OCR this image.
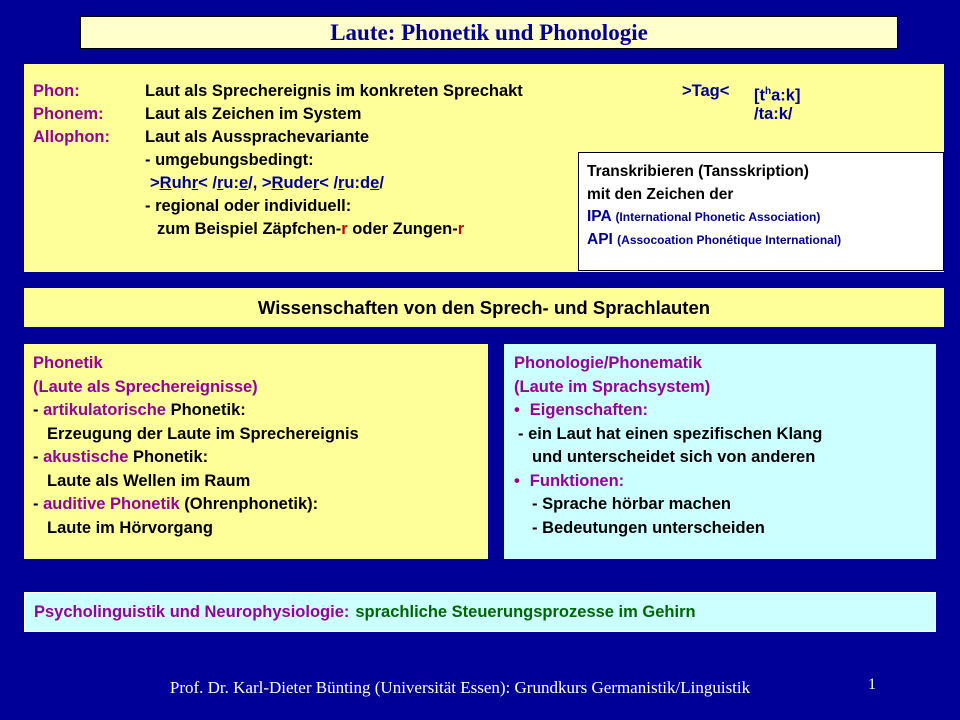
Laute: Phonetik und Phonologie
Phon:	Laut als Sprechereignis im konkreten Sprechakt	$>Tag< [t^ha:k]$
Phonem:	Laut als Zeichen im System	/ta:k/
Allophon: Laut als Aussprachevariante
- umgebungsbedingt:
>Ruhr< /ru:e/, >Ruder< /ru:de/
- regional oder individuell:
zum Beispiel Zäpfchen-r oder Zungen-r
Transkribieren (Tansskription)
mit den Zeichen der
IPA (International Phonetic Association)
API (Assocoation Phonétique International)
Wissenschaften von den Sprech- und Sprachlauten
Phonetik
(Laute als Sprechereignisse)
- artikulatorische Phonetik:
Erzeugung der Laute im Sprechereignis
- akustische Phonetik:
Laute als Wellen im Raum
- auditive Phonetik (Ohrenphonetik):
Laute im Hörvorgang
Phonologie/Phonematik
(Laute im Sprachsystem)
• Eigenschaften:
- ein Laut hat einen spezifischen Klang
und unterscheidet sich von anderen
• Funktionen:
- Sprache hörbar machen
- Bedeutungen unterscheiden
Psycholinguistik und Neurophysiologie: sprachliche Steuerungsprozesse im Gehirn
Prof. Dr. Karl-Dieter Bünting (Universität Essen): Grundkurs Germanistik/Linguistik	1
